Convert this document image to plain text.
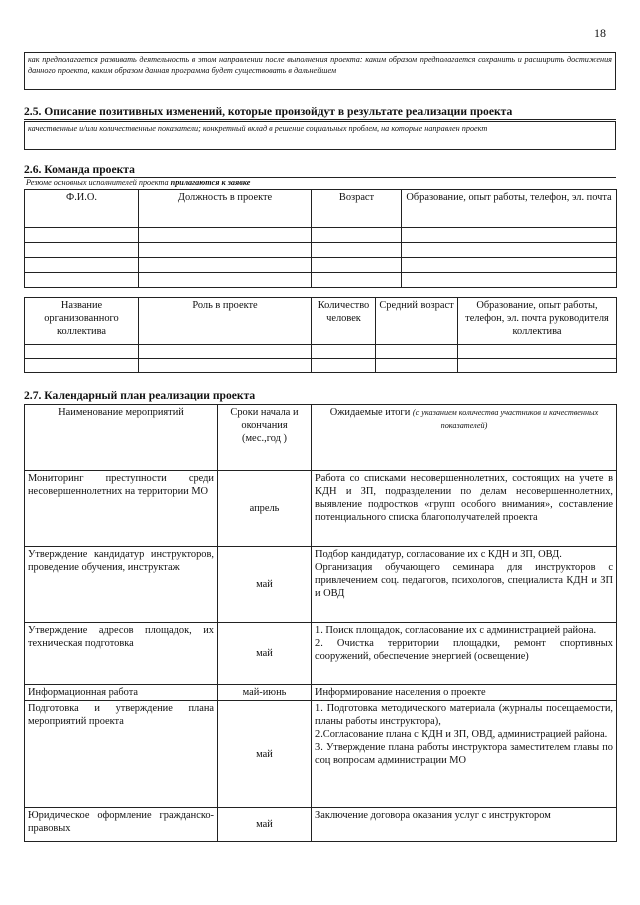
18
как предполагается развивать деятельность в этом направлении после выполнения проекта: каким образом предполагается сохранить и расширить достижения данного проекта, каким образом данная программа будет существовать в дальнейшем
2.5. Описание позитивных изменений, которые произойдут в результате реализации проекта
качественные и/или количественные показатели; конкретный вклад в решение социальных проблем, на которые направлен проект
2.6. Команда проекта
Резюме основных исполнителей проекта прилагаются к заявке
Ф.И.О.	Должность в проекте	Возраст	Образование, опыт работы, телефон, эл. почта

Название организованного коллектива	Роль в проекте	Количество человек	Средний возраст	Образование, опыт работы, телефон, эл. почта руководителя коллектива

2.7. Календарный план реализации проекта
Наименование мероприятий	Сроки начала и окончания (мес.,год )	Ожидаемые итоги (с указанием количества участников и качественных показателей)
Мониторинг преступности среди несовершеннолетних на территории МО	апрель	Работа со списками несовершеннолетних, состоящих на учете в КДН и ЗП, подразделении по делам несовершеннолетних, выявление подростков «групп особого внимания», составление потенциального списка благополучателей проекта

Утверждение кандидатур инструкторов, проведение обучения, инструктаж	май	Подбор кандидатур, согласование их с КДН и ЗП, ОВД.
Организация обучающего семинара для инструкторов с привлечением соц. педагогов, психологов, специалиста КДН и ЗП и ОВД

Утверждение адресов площадок, их техническая подготовка	май	1. Поиск площадок, согласование их с администрацией района.
2. Очистка территории площадки, ремонт спортивных сооружений, обеспечение энергией (освещение)

Информационная работа	май-июнь	Информирование населения о проекте

Подготовка и утверждение плана мероприятий проекта	май	1. Подготовка методического материала (журналы посещаемости, планы работы инструктора),
2.Согласование плана с КДН и ЗП, ОВД, администрацией района.
3. Утверждение плана работы инструктора заместителем главы по соц вопросам администрации МО

Юридическое оформление гражданско-правовых	май	Заключение договора оказания услуг с инструктором
